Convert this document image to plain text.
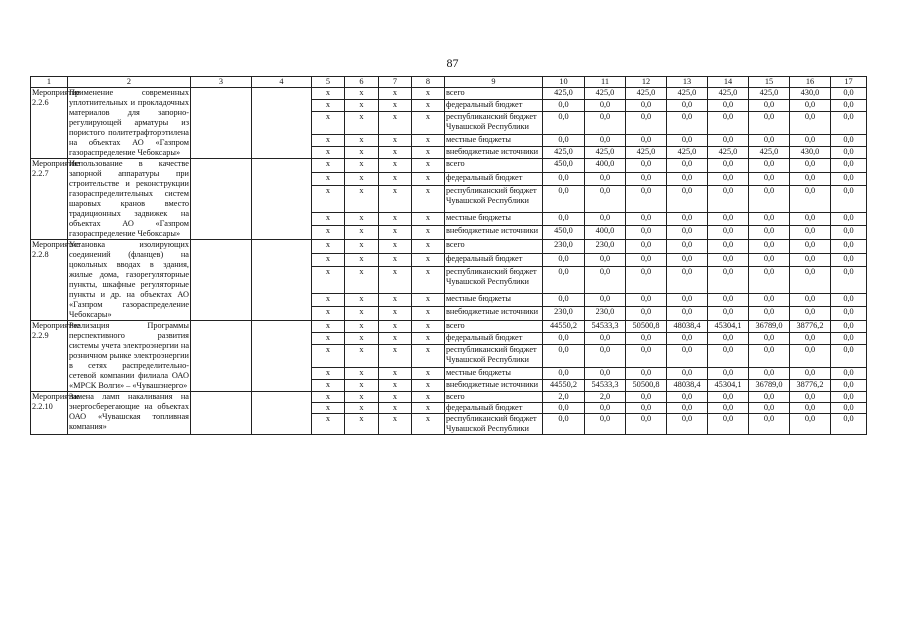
87
1	2	3	4	5	6	7	8	9	10	11	12	13	14	15	16	17
Мероприятие 2.2.6	Применение современных уплотнительных и прокладочных материалов для запорно-регулирующей арматуры из пористого политетрафторэтилена на объектах АО «Газпром газораспределение Чебоксары»			x	x	x	x	всего	425,0	425,0	425,0	425,0	425,0	425,0	430,0	0,0
				x	x	x	x	федеральный бюджет	0,0	0,0	0,0	0,0	0,0	0,0	0,0	0,0
				x	x	x	x	республиканский бюджет Чувашской Республики	0,0	0,0	0,0	0,0	0,0	0,0	0,0	0,0
				x	x	x	x	местные бюджеты	0,0	0,0	0,0	0,0	0,0	0,0	0,0	0,0
				x	x	x	x	внебюджетные источники	425,0	425,0	425,0	425,0	425,0	425,0	430,0	0,0
Мероприятие 2.2.7	Использование в качестве запорной аппаратуры при строительстве и реконструкции газораспределительных систем шаровых кранов вместо традиционных задвижек на объектах АО «Газпром газораспределение Чебоксары»			x	x	x	x	всего	450,0	400,0	0,0	0,0	0,0	0,0	0,0	0,0
				x	x	x	x	федеральный бюджет	0,0	0,0	0,0	0,0	0,0	0,0	0,0	0,0
				x	x	x	x	республиканский бюджет Чувашской Республики	0,0	0,0	0,0	0,0	0,0	0,0	0,0	0,0
				x	x	x	x	местные бюджеты	0,0	0,0	0,0	0,0	0,0	0,0	0,0	0,0
				x	x	x	x	внебюджетные источники	450,0	400,0	0,0	0,0	0,0	0,0	0,0	0,0
Мероприятие 2.2.8	Установка изолирующих соединений (фланцев) на цокольных вводах в здания, жилые дома, газорегуляторные пункты, шкафные регуляторные пункты и др. на объектах АО «Газпром газораспределение Чебоксары»			x	x	x	x	всего	230,0	230,0	0,0	0,0	0,0	0,0	0,0	0,0
				x	x	x	x	федеральный бюджет	0,0	0,0	0,0	0,0	0,0	0,0	0,0	0,0
				x	x	x	x	республиканский бюджет Чувашской Республики	0,0	0,0	0,0	0,0	0,0	0,0	0,0	0,0
				x	x	x	x	местные бюджеты	0,0	0,0	0,0	0,0	0,0	0,0	0,0	0,0
				x	x	x	x	внебюджетные источники	230,0	230,0	0,0	0,0	0,0	0,0	0,0	0,0
Мероприятие 2.2.9	Реализация Программы перспективного развития системы учета электроэнергии на розничном рынке электроэнергии в сетях распределительно-сетевой компании филиала ОАО «МРСК Волги» – «Чувашэнерго»			x	x	x	x	всего	44550,2	54533,3	50500,8	48038,4	45304,1	36789,0	38776,2	0,0
				x	x	x	x	федеральный бюджет	0,0	0,0	0,0	0,0	0,0	0,0	0,0	0,0
				x	x	x	x	республиканский бюджет Чувашской Республики	0,0	0,0	0,0	0,0	0,0	0,0	0,0	0,0
				x	x	x	x	местные бюджеты	0,0	0,0	0,0	0,0	0,0	0,0	0,0	0,0
				x	x	x	x	внебюджетные источники	44550,2	54533,3	50500,8	48038,4	45304,1	36789,0	38776,2	0,0
Мероприятие 2.2.10	Замена ламп накаливания на энергосберегающие на объектах ОАО «Чувашская топливная компания»			x	x	x	x	всего	2,0	2,0	0,0	0,0	0,0	0,0	0,0	0,0
				x	x	x	x	федеральный бюджет	0,0	0,0	0,0	0,0	0,0	0,0	0,0	0,0
				x	x	x	x	республиканский бюджет Чувашской Республики	0,0	0,0	0,0	0,0	0,0	0,0	0,0	0,0
